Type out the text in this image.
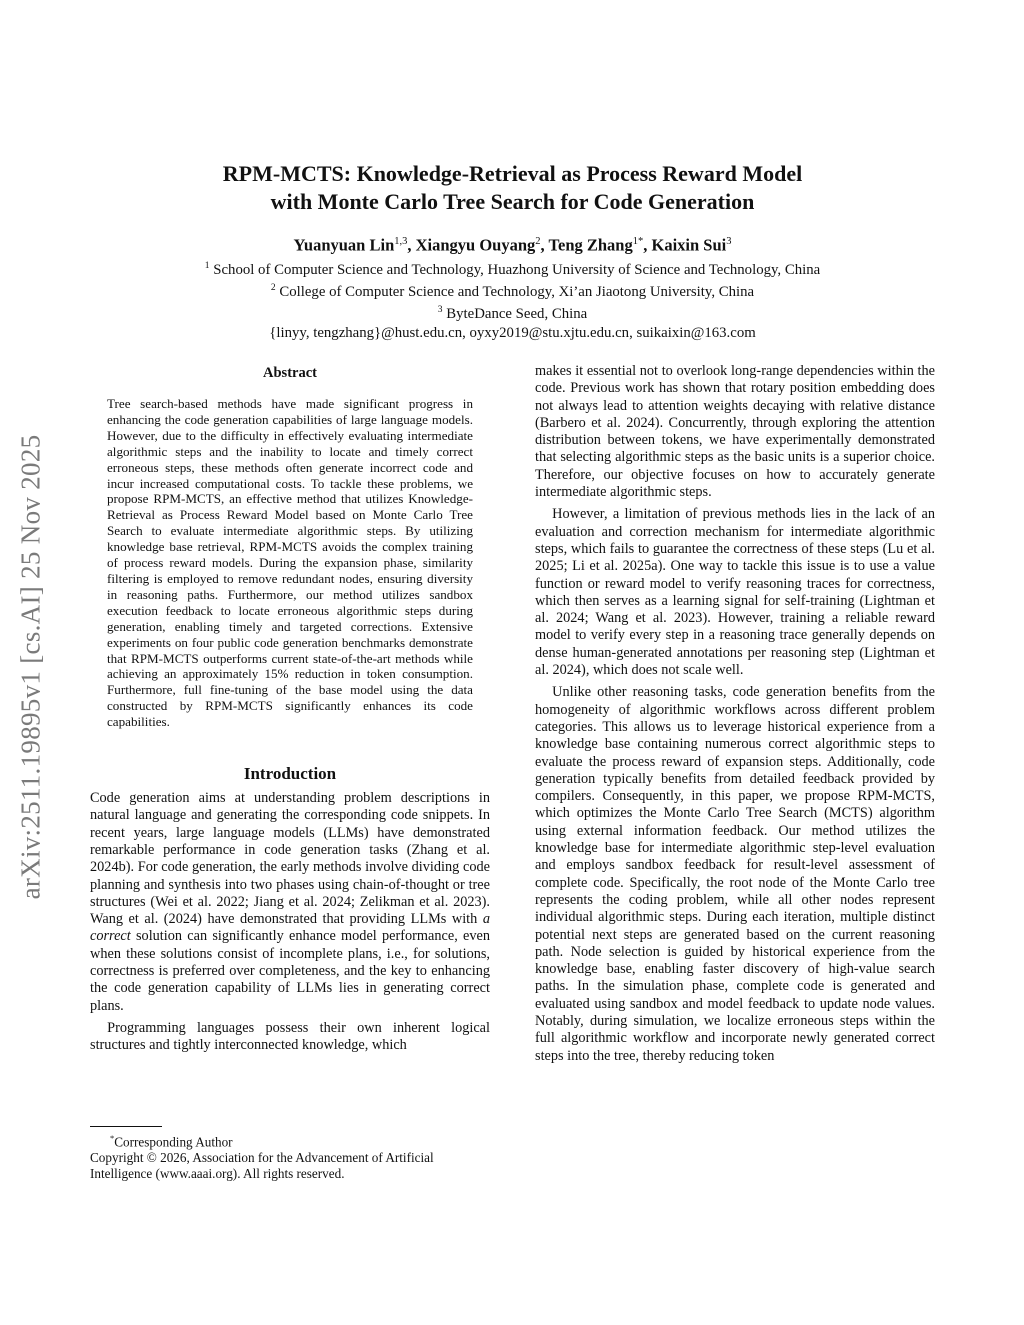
arXiv:2511.19895v1 [cs.AI] 25 Nov 2025
RPM-MCTS: Knowledge-Retrieval as Process Reward Model
with Monte Carlo Tree Search for Code Generation
Yuanyuan Lin$^{1,3}$, Xiangyu Ouyang$^2$, Teng Zhang$^{1*}$, Kaixin Sui$^3$
$^1$ School of Computer Science and Technology, Huazhong University of Science and Technology, China
$^2$ College of Computer Science and Technology, Xi’an Jiaotong University, China
$^3$ ByteDance Seed, China
{linyy, tengzhang}@hust.edu.cn, oyxy2019@stu.xjtu.edu.cn, suikaixin@163.com
Abstract

Tree search-based methods have made significant progress in enhancing the code generation capabilities of large language models. However, due to the difficulty in effectively evaluating intermediate algorithmic steps and the inability to locate and timely correct erroneous steps, these methods often generate incorrect code and incur increased computational costs. To tackle these problems, we propose RPM-MCTS, an effective method that utilizes Knowledge-Retrieval as Process Reward Model based on Monte Carlo Tree Search to evaluate intermediate algorithmic steps. By utilizing knowledge base retrieval, RPM-MCTS avoids the complex training of process reward models. During the expansion phase, similarity filtering is employed to remove redundant nodes, ensuring diversity in reasoning paths. Furthermore, our method utilizes sandbox execution feedback to locate erroneous algorithmic steps during generation, enabling timely and targeted corrections. Extensive experiments on four public code generation benchmarks demonstrate that RPM-MCTS outperforms current state-of-the-art methods while achieving an approximately 15% reduction in token consumption. Furthermore, full fine-tuning of the base model using the data constructed by RPM-MCTS significantly enhances its code capabilities.

Introduction

Code generation aims at understanding problem descriptions in natural language and generating the corresponding code snippets. In recent years, large language models (LLMs) have demonstrated remarkable performance in code generation tasks (Zhang et al. 2024b). For code generation, the early methods involve dividing code planning and synthesis into two phases using chain-of-thought or tree structures (Wei et al. 2022; Jiang et al. 2024; Zelikman et al. 2023). Wang et al. (2024) have demonstrated that providing LLMs with a correct solution can significantly enhance model performance, even when these solutions consist of incomplete plans, i.e., for solutions, correctness is preferred over completeness, and the key to enhancing the code generation capability of LLMs lies in generating correct plans.

Programming languages possess their own inherent logical structures and tightly interconnected knowledge, which

*Corresponding Author
Copyright © 2026, Association for the Advancement of Artificial
Intelligence (www.aaai.org). All rights reserved.

makes it essential not to overlook long-range dependencies within the code. Previous work has shown that rotary position embedding does not always lead to attention weights decaying with relative distance (Barbero et al. 2024). Concurrently, through exploring the attention distribution between tokens, we have experimentally demonstrated that selecting algorithmic steps as the basic units is a superior choice. Therefore, our objective focuses on how to accurately generate intermediate algorithmic steps.

However, a limitation of previous methods lies in the lack of an evaluation and correction mechanism for intermediate algorithmic steps, which fails to guarantee the correctness of these steps (Lu et al. 2025; Li et al. 2025a). One way to tackle this issue is to use a value function or reward model to verify reasoning traces for correctness, which then serves as a learning signal for self-training (Lightman et al. 2024; Wang et al. 2023). However, training a reliable reward model to verify every step in a reasoning trace generally depends on dense human-generated annotations per reasoning step (Lightman et al. 2024), which does not scale well.

Unlike other reasoning tasks, code generation benefits from the homogeneity of algorithmic workflows across different problem categories. This allows us to leverage historical experience from a knowledge base containing numerous correct algorithmic steps to evaluate the process reward of expansion steps. Additionally, code generation typically benefits from detailed feedback provided by compilers. Consequently, in this paper, we propose RPM-MCTS, which optimizes the Monte Carlo Tree Search (MCTS) algorithm using external information feedback. Our method utilizes the knowledge base for intermediate algorithmic step-level evaluation and employs sandbox feedback for result-level assessment of complete code. Specifically, the root node of the Monte Carlo tree represents the coding problem, while all other nodes represent individual algorithmic steps. During each iteration, multiple distinct potential next steps are generated based on the current reasoning path. Node selection is guided by historical experience from the knowledge base, enabling faster discovery of high-value search paths. In the simulation phase, complete code is generated and evaluated using sandbox and model feedback to update node values. Notably, during simulation, we localize erroneous steps within the full algorithmic workflow and incorporate newly generated correct steps into the tree, thereby reducing token
